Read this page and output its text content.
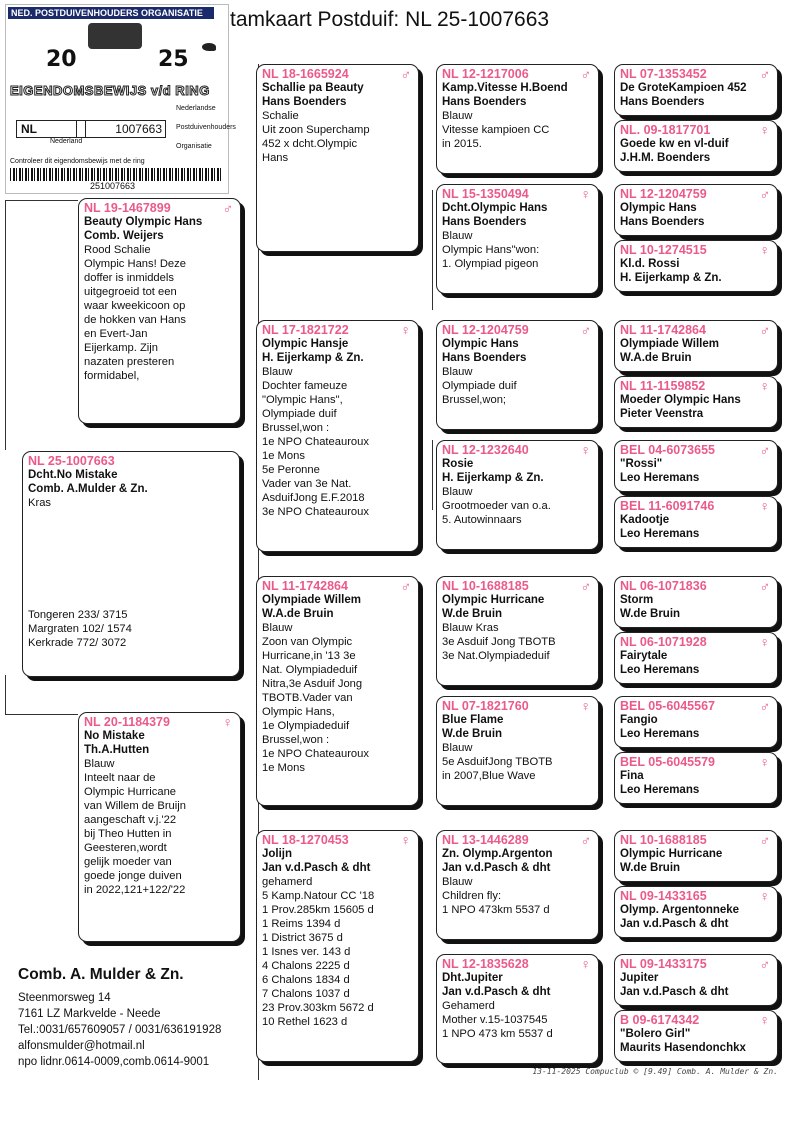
tamkaart Postduif: NL 25-1007663
NED. POSTDUIVENHOUDERS ORGANISATIE
20	25
EIGENDOMSBEWIJS v/d RING
NL	1007663
Nederlandse
Postduivenhouders
Organisatie
Nederland
Controleer dit eigendomsbewijs met de ring
251007663
NL 25-1007663
Dcht.No Mistake
Comb. A.Mulder & Zn.
Kras

Tongeren 233/ 3715
Margraten 102/ 1574
Kerkrade 772/ 3072
NL 19-1467899	♂
Beauty Olympic Hans
Comb. Weijers
Rood Schalie
Olympic Hans! Deze
doffer is inmiddels
uitgegroeid tot een
waar kweekicoon op
de hokken van Hans
en Evert-Jan
Eijerkamp. Zijn
nazaten presteren
formidabel,
NL 20-1184379	♀
No Mistake
Th.A.Hutten
Blauw
Inteelt naar de
Olympic Hurricane
van Willem de Bruijn
aangeschaft v.j.'22
bij Theo Hutten in
Geesteren,wordt
gelijk moeder van
goede jonge duiven
in 2022,121+122/'22
NL 18-1665924	♂
Schallie pa Beauty
Hans Boenders
Schalie
Uit zoon Superchamp
452 x dcht.Olympic
Hans
NL 17-1821722	♀
Olympic Hansje
H. Eijerkamp & Zn.
Blauw
Dochter fameuze
"Olympic Hans",
Olympiade duif
Brussel,won :
1e NPO Chateauroux
1e Mons
5e Peronne
Vader van 3e Nat.
AsduifJong E.F.2018
3e NPO Chateauroux
NL 11-1742864	♂
Olympiade Willem
W.A.de Bruin
Blauw
Zoon van Olympic
Hurricane,in '13 3e
Nat. Olympiadeduif
Nitra,3e Asduif Jong
TBOTB.Vader van
Olympic Hans,
1e Olympiadeduif
Brussel,won :
1e NPO Chateauroux
1e Mons
NL 18-1270453	♀
Jolijn
Jan v.d.Pasch & dht
gehamerd
5 Kamp.Natour CC '18
1 Prov.285km 15605 d
1 Reims 1394 d
1 District 3675 d
1 Isnes ver. 143 d
4 Chalons 2225 d
6 Chalons 1834 d
7 Chalons 1037 d
23 Prov.303km 5672 d
10 Rethel 1623 d
NL 12-1217006	♂
Kamp.Vitesse H.Boend
Hans Boenders
Blauw
Vitesse kampioen CC
in 2015.
NL 15-1350494	♀
Dcht.Olympic Hans
Hans Boenders
Blauw
Olympic Hans"won:
1. Olympiad pigeon
NL 12-1204759	♂
Olympic Hans
Hans Boenders
Blauw
Olympiade duif
Brussel,won;
NL 12-1232640	♀
Rosie
H. Eijerkamp & Zn.
Blauw
Grootmoeder van o.a.
5. Autowinnaars
NL 10-1688185	♂
Olympic Hurricane
W.de Bruin
Blauw Kras
3e Asduif Jong TBOTB
3e Nat.Olympiadeduif
NL 07-1821760	♀
Blue Flame
W.de Bruin
Blauw
5e AsduifJong TBOTB
in 2007,Blue Wave
NL 13-1446289	♂
Zn. Olymp.Argenton
Jan v.d.Pasch & dht
Blauw
Children fly:
1 NPO 473km 5537 d
NL 12-1835628	♀
Dht.Jupiter
Jan v.d.Pasch & dht
Gehamerd
Mother v.15-1037545
1 NPO 473 km 5537 d
NL 07-1353452	♂
De GroteKampioen 452
Hans Boenders
NL. 09-1817701	♀
Goede kw en vl-duif
J.H.M. Boenders
NL 12-1204759	♂
Olympic Hans
Hans Boenders
NL 10-1274515	♀
Kl.d. Rossi
H. Eijerkamp & Zn.
NL 11-1742864	♂
Olympiade Willem
W.A.de Bruin
NL 11-1159852	♀
Moeder Olympic Hans
Pieter Veenstra
BEL 04-6073655	♂
"Rossi"
Leo Heremans
BEL 11-6091746	♀
Kadootje
Leo Heremans
NL 06-1071836	♂
Storm
W.de Bruin
NL 06-1071928	♀
Fairytale
Leo Heremans
BEL 05-6045567	♂
Fangio
Leo Heremans
BEL 05-6045579	♀
Fina
Leo Heremans
NL 10-1688185	♂
Olympic Hurricane
W.de Bruin
NL 09-1433165	♀
Olymp. Argentonneke
Jan v.d.Pasch & dht
NL 09-1433175	♂
Jupiter
Jan v.d.Pasch & dht
B 09-6174342	♀
"Bolero Girl"
Maurits Hasendonchkx
Comb. A. Mulder & Zn.
Steenmorsweg 14
7161 LZ Markvelde - Neede
Tel.:0031/657609057 / 0031/636191928
alfonsmulder@hotmail.nl
npo lidnr.0614-0009,comb.0614-9001
13-11-2025 Compuclub © [9.49] Comb. A. Mulder & Zn.
